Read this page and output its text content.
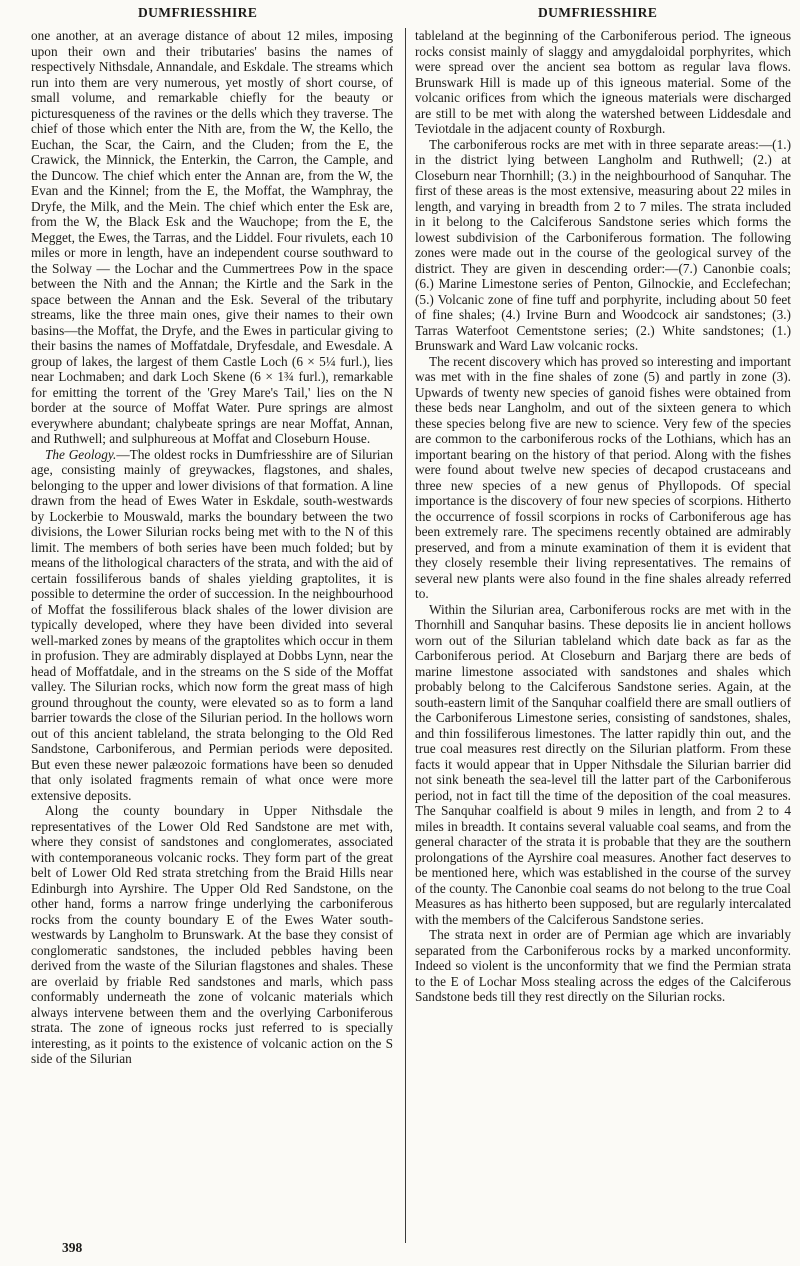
DUMFRIESSHIRE	DUMFRIESSHIRE

one another, at an average distance of about 12 miles, imposing upon their own and their tributaries' basins the names of respectively Nithsdale, Annandale, and Eskdale. The streams which run into them are very numerous, yet mostly of short course, of small volume, and remarkable chiefly for the beauty or picturesqueness of the ravines or the dells which they traverse. The chief of those which enter the Nith are, from the W, the Kello, the Euchan, the Scar, the Cairn, and the Cluden; from the E, the Crawick, the Minnick, the Enterkin, the Carron, the Cample, and the Duncow. The chief which enter the Annan are, from the W, the Evan and the Kinnel; from the E, the Moffat, the Wamphray, the Dryfe, the Milk, and the Mein. The chief which enter the Esk are, from the W, the Black Esk and the Wauchope; from the E, the Megget, the Ewes, the Tarras, and the Liddel. Four rivulets, each 10 miles or more in length, have an independent course southward to the Solway — the Lochar and the Cummertrees Pow in the space between the Nith and the Annan; the Kirtle and the Sark in the space between the Annan and the Esk. Several of the tributary streams, like the three main ones, give their names to their own basins—the Moffat, the Dryfe, and the Ewes in particular giving to their basins the names of Moffatdale, Dryfesdale, and Ewesdale. A group of lakes, the largest of them Castle Loch (6 × 5¼ furl.), lies near Lochmaben; and dark Loch Skene (6 × 1¾ furl.), remarkable for emitting the torrent of the 'Grey Mare's Tail,' lies on the N border at the source of Moffat Water. Pure springs are almost everywhere abundant; chalybeate springs are near Moffat, Annan, and Ruthwell; and sulphureous at Moffat and Closeburn House.

The Geology.—The oldest rocks in Dumfriesshire are of Silurian age, consisting mainly of greywackes, flagstones, and shales, belonging to the upper and lower divisions of that formation. A line drawn from the head of Ewes Water in Eskdale, south-westwards by Lockerbie to Mouswald, marks the boundary between the two divisions, the Lower Silurian rocks being met with to the N of this limit. The members of both series have been much folded; but by means of the lithological characters of the strata, and with the aid of certain fossiliferous bands of shales yielding graptolites, it is possible to determine the order of succession. In the neighbourhood of Moffat the fossiliferous black shales of the lower division are typically developed, where they have been divided into several well-marked zones by means of the graptolites which occur in them in profusion. They are admirably displayed at Dobbs Lynn, near the head of Moffatdale, and in the streams on the S side of the Moffat valley. The Silurian rocks, which now form the great mass of high ground throughout the county, were elevated so as to form a land barrier towards the close of the Silurian period. In the hollows worn out of this ancient tableland, the strata belonging to the Old Red Sandstone, Carboniferous, and Permian periods were deposited. But even these newer palæozoic formations have been so denuded that only isolated fragments remain of what once were more extensive deposits.

Along the county boundary in Upper Nithsdale the representatives of the Lower Old Red Sandstone are met with, where they consist of sandstones and conglomerates, associated with contemporaneous volcanic rocks. They form part of the great belt of Lower Old Red strata stretching from the Braid Hills near Edinburgh into Ayrshire. The Upper Old Red Sandstone, on the other hand, forms a narrow fringe underlying the carboniferous rocks from the county boundary E of the Ewes Water south-westwards by Langholm to Brunswark. At the base they consist of conglomeratic sandstones, the included pebbles having been derived from the waste of the Silurian flagstones and shales. These are overlaid by friable Red sandstones and marls, which pass conformably underneath the zone of volcanic materials which always intervene between them and the overlying Carboniferous strata. The zone of igneous rocks just referred to is specially interesting, as it points to the existence of volcanic action on the S side of the Silurian

tableland at the beginning of the Carboniferous period. The igneous rocks consist mainly of slaggy and amygdaloidal porphyrites, which were spread over the ancient sea bottom as regular lava flows. Brunswark Hill is made up of this igneous material. Some of the volcanic orifices from which the igneous materials were discharged are still to be met with along the watershed between Liddesdale and Teviotdale in the adjacent county of Roxburgh.

The carboniferous rocks are met with in three separate areas:—(1.) in the district lying between Langholm and Ruthwell; (2.) at Closeburn near Thornhill; (3.) in the neighbourhood of Sanquhar. The first of these areas is the most extensive, measuring about 22 miles in length, and varying in breadth from 2 to 7 miles. The strata included in it belong to the Calciferous Sandstone series which forms the lowest subdivision of the Carboniferous formation. The following zones were made out in the course of the geological survey of the district. They are given in descending order:—(7.) Canonbie coals; (6.) Marine Limestone series of Penton, Gilnockie, and Ecclefechan; (5.) Volcanic zone of fine tuff and porphyrite, including about 50 feet of fine shales; (4.) Irvine Burn and Woodcock air sandstones; (3.) Tarras Waterfoot Cementstone series; (2.) White sandstones; (1.) Brunswark and Ward Law volcanic rocks.

The recent discovery which has proved so interesting and important was met with in the fine shales of zone (5) and partly in zone (3). Upwards of twenty new species of ganoid fishes were obtained from these beds near Langholm, and out of the sixteen genera to which these species belong five are new to science. Very few of the species are common to the carboniferous rocks of the Lothians, which has an important bearing on the history of that period. Along with the fishes were found about twelve new species of decapod crustaceans and three new species of a new genus of Phyllopods. Of special importance is the discovery of four new species of scorpions. Hitherto the occurrence of fossil scorpions in rocks of Carboniferous age has been extremely rare. The specimens recently obtained are admirably preserved, and from a minute examination of them it is evident that they closely resemble their living representatives. The remains of several new plants were also found in the fine shales already referred to.

Within the Silurian area, Carboniferous rocks are met with in the Thornhill and Sanquhar basins. These deposits lie in ancient hollows worn out of the Silurian tableland which date back as far as the Carboniferous period. At Closeburn and Barjarg there are beds of marine limestone associated with sandstones and shales which probably belong to the Calciferous Sandstone series. Again, at the south-eastern limit of the Sanquhar coalfield there are small outliers of the Carboniferous Limestone series, consisting of sandstones, shales, and thin fossiliferous limestones. The latter rapidly thin out, and the true coal measures rest directly on the Silurian platform. From these facts it would appear that in Upper Nithsdale the Silurian barrier did not sink beneath the sea-level till the latter part of the Carboniferous period, not in fact till the time of the deposition of the coal measures. The Sanquhar coalfield is about 9 miles in length, and from 2 to 4 miles in breadth. It contains several valuable coal seams, and from the general character of the strata it is probable that they are the southern prolongations of the Ayrshire coal measures. Another fact deserves to be mentioned here, which was established in the course of the survey of the county. The Canonbie coal seams do not belong to the true Coal Measures as has hitherto been supposed, but are regularly intercalated with the members of the Calciferous Sandstone series.

The strata next in order are of Permian age which are invariably separated from the Carboniferous rocks by a marked unconformity. Indeed so violent is the unconformity that we find the Permian strata to the E of Lochar Moss stealing across the edges of the Calciferous Sandstone beds till they rest directly on the Silurian rocks.

398
